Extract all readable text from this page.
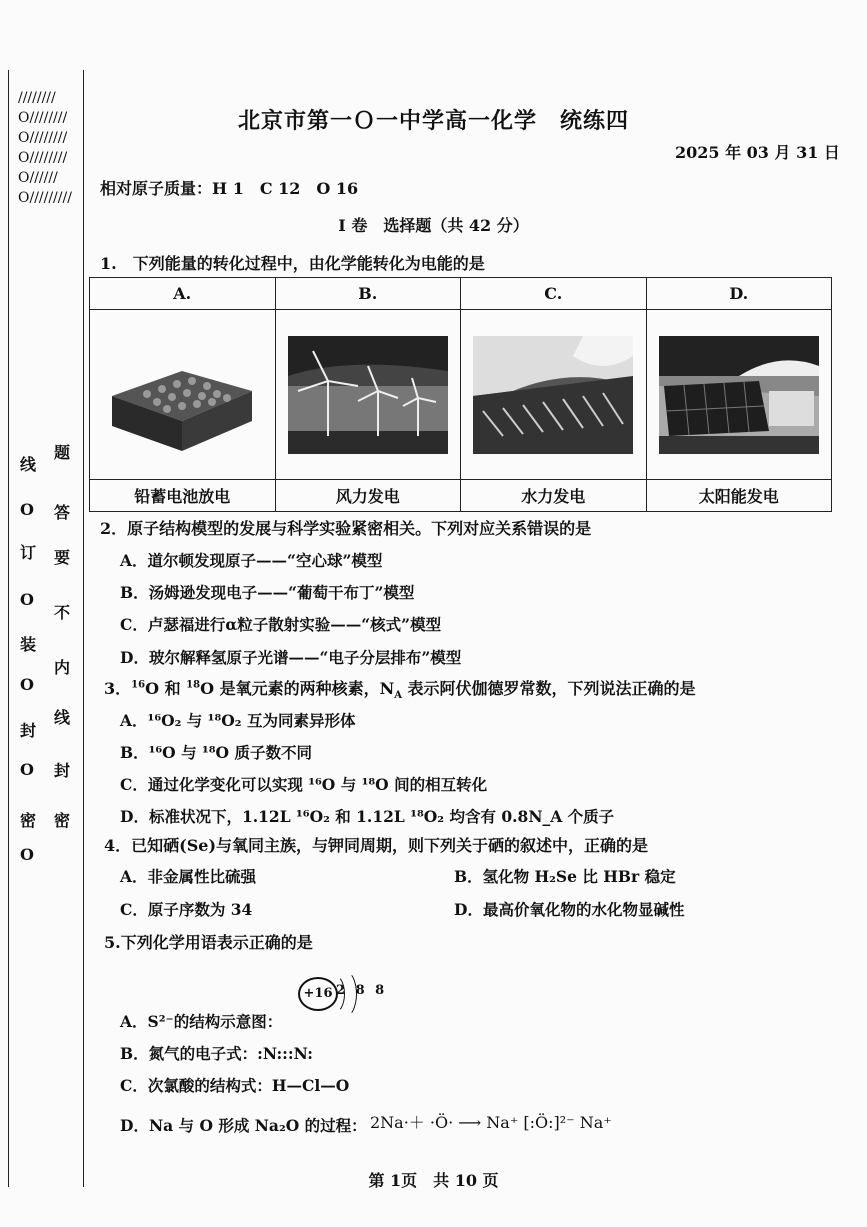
////////O////////O////////O////////O//////O/////////
线
O
订
O
装
O
封
O
密
O
题
答
要
不
内
线
封
密
北京市第一Ｏ一中学高一化学　统练四
2025 年 03 月 31 日
相对原子质量：H 1　C 12　O 16
I 卷　选择题（共 42 分）
1.　下列能量的转化过程中，由化学能转化为电能的是
A.	B.	C.	D.

铅蓄电池放电	风力发电	水力发电	太阳能发电
2．原子结构模型的发展与科学实验紧密相关。下列对应关系错误的是
A．道尔顿发现原子——“空心球”模型
B．汤姆逊发现电子——“葡萄干布丁”模型
C．卢瑟福进行α粒子散射实验——“核式”模型
D．玻尔解释氢原子光谱——“电子分层排布”模型
3．$^{16}$O 和 $^{18}$O 是氧元素的两种核素，$N_A$ 表示阿伏伽德罗常数，下列说法正确的是
A．¹⁶O₂ 与 ¹⁸O₂ 互为同素异形体
B．¹⁶O 与 ¹⁸O 质子数不同
C．通过化学变化可以实现 ¹⁶O 与 ¹⁸O 间的相互转化
D．标准状况下，1.12L ¹⁶O₂ 和 1.12L ¹⁸O₂ 均含有 0.8N_A 个质子
4．已知硒(Se)与氧同主族，与钾同周期，则下列关于硒的叙述中，正确的是
A．非金属性比硫强	B．氢化物 H₂Se 比 HBr 稳定
C．原子序数为 34	D．最高价氧化物的水化物显碱性
5.下列化学用语表示正确的是
+16 2 8 8
A．S²⁻的结构示意图：
B．氮气的电子式：:N:::N:
C．次氯酸的结构式：H—Cl—O
D．Na 与 O 形成 Na₂O 的过程： 2Na·＋ ·Ö· ⟶ Na⁺ [:Ö:]²⁻ Na⁺
第 1页　共 10 页
